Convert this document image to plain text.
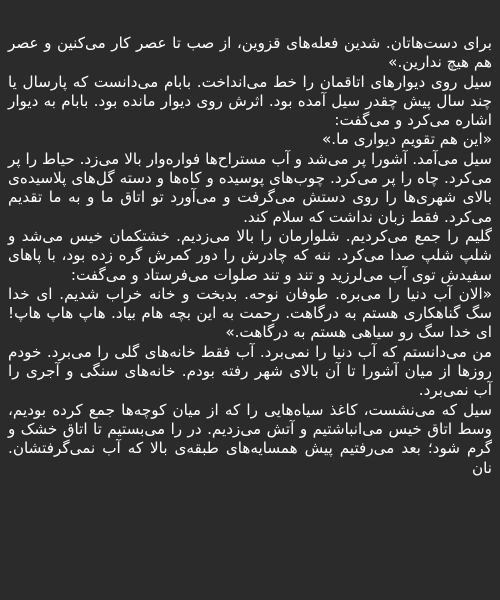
برای دست‌هاتان. شدین فعله‌های قزوین، از صب تا عصر کار می‌کنین و عصر هم هیچ ندارین.»

سیل روی دیوارهای اتاقمان را خط می‌انداخت. بابام می‌دانست که پارسال یا چند سال پیش چقدر سیل آمده بود. اثرش روی دیوار مانده بود. بابام به دیوار اشاره می‌کرد و می‌گفت:

«این هم تقویم دیواری ما.»

سیل می‌آمد. آشورا پر می‌شد و آب مستراح‌ها فواره‌وار بالا می‌زد. حیاط را پر می‌کرد. چاه را پر می‌کرد. چوب‌های پوسیده و کاه‌ها و دسته گل‌های پلاسیده‌ی بالای شهری‌ها را روی دستش می‌گرفت و می‌آورد تو اتاق ما و به ما تقدیم می‌کرد. فقط زبان نداشت که سلام کند.

گلیم را جمع می‌کردیم. شلوارمان را بالا می‌زدیم. خشتکمان خیس می‌شد و شلپ شلپ صدا می‌کرد. ننه که چادرش را دور کمرش گره زده بود، با پاهای سفیدش توی آب می‌لرزید و تند و تند صلوات می‌فرستاد و می‌گفت:

«الان آب دنیا را می‌بره. طوفان نوحه. بدبخت و خانه خراب شدیم. ای خدا سگ گناهکاری هستم به درگاهت. رحمت به این بچه هام بیاد. هاپ هاپ هاپ! ای خدا سگ رو سیاهی هستم به درگاهت.»

من می‌دانستم که آب دنیا را نمی‌برد. آب فقط خانه‌های گلی را می‌برد. خودم روزها از میان آشورا تا آن بالای شهر رفته بودم. خانه‌های سنگی و آجری را آب نمی‌برد.

سیل که می‌نشست، کاغذ سیاه‌هایی را که از میان کوچه‌ها جمع کرده بودیم، وسط اتاق خیس می‌انباشتیم و آتش می‌زدیم. در را می‌بستیم تا اتاق خشک و گرم شود؛ بعد می‌رفتیم پیش همسایه‌های طبقه‌ی بالا که آب نمی‌گرفتشان. نان
